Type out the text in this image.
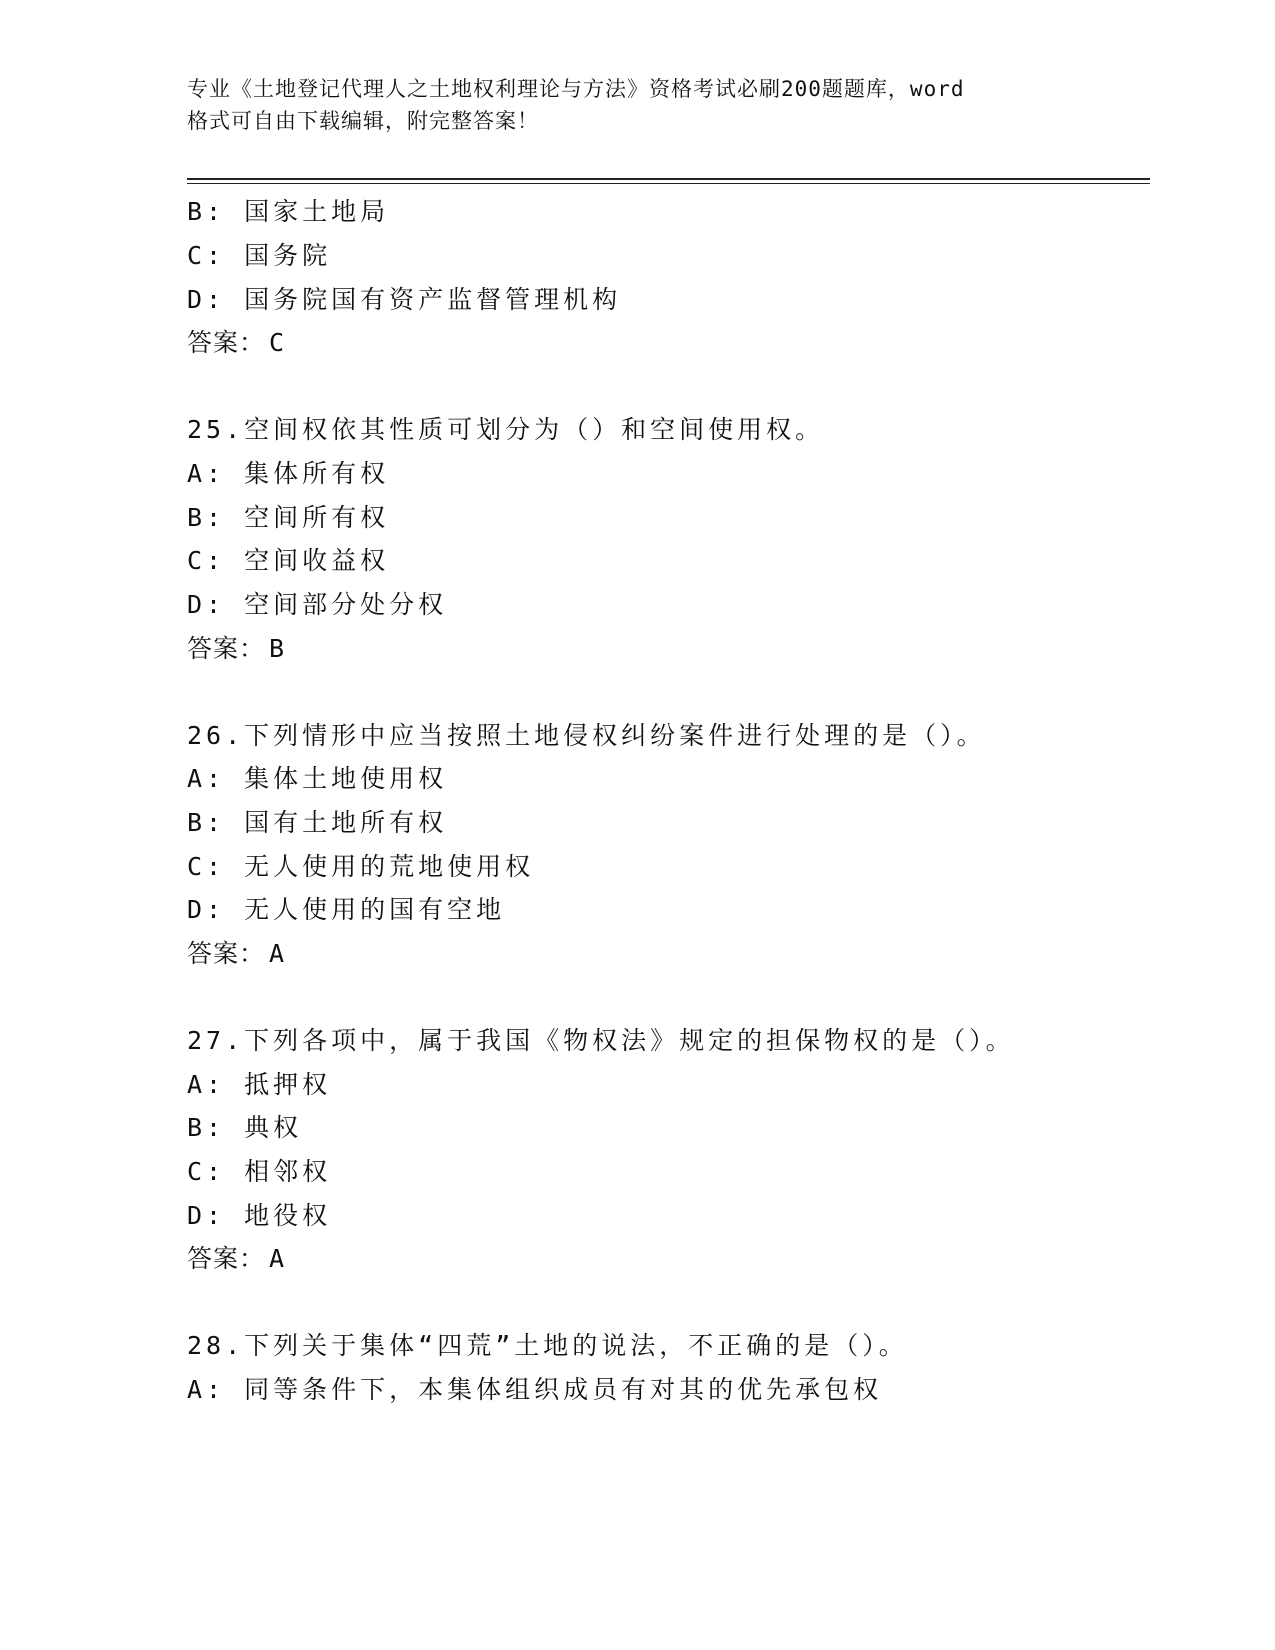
专业《土地登记代理人之土地权利理论与方法》资格考试必刷200题题库，word
格式可自由下载编辑，附完整答案！
B: 国家土地局
C: 国务院
D: 国务院国有资产监督管理机构
答案： C
25.空间权依其性质可划分为（）和空间使用权。
A: 集体所有权
B: 空间所有权
C: 空间收益权
D: 空间部分处分权
答案： B
26.下列情形中应当按照土地侵权纠纷案件进行处理的是（）。
A: 集体土地使用权
B: 国有土地所有权
C: 无人使用的荒地使用权
D: 无人使用的国有空地
答案： A
27.下列各项中，属于我国《物权法》规定的担保物权的是（）。
A: 抵押权
B: 典权
C: 相邻权
D: 地役权
答案： A
28.下列关于集体“四荒”土地的说法，不正确的是（）。
A: 同等条件下，本集体组织成员有对其的优先承包权
